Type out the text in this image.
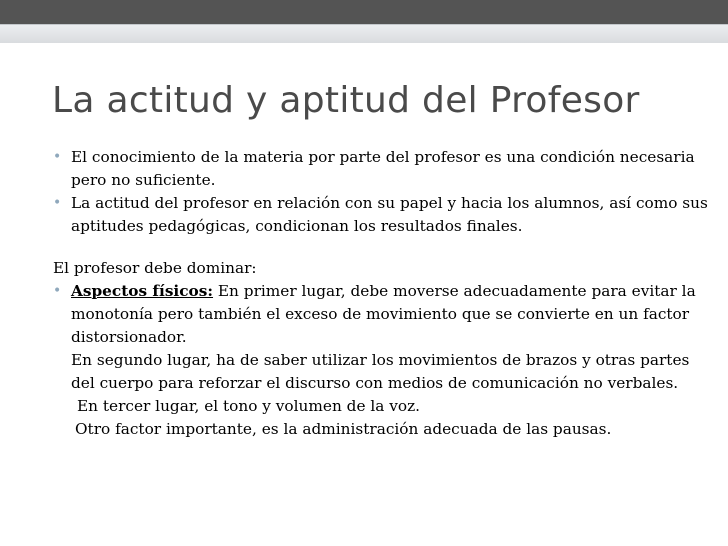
La actitud y aptitud del Profesor
• El conocimiento de la materia por parte del profesor es una condición necesaria pero no suficiente.
• La actitud del profesor en relación con su papel y hacia los alumnos, así como sus aptitudes pedagógicas, condicionan los resultados finales.
El profesor debe dominar:
• Aspectos físicos: En primer lugar, debe moverse adecuadamente para evitar la monotonía pero también el exceso de movimiento que se convierte en un factor distorsionador.
En segundo lugar, ha de saber utilizar los movimientos de brazos y otras partes del cuerpo para reforzar el discurso con medios de comunicación no verbales.
En tercer lugar, el tono y volumen de la voz.
Otro factor importante, es la administración adecuada de las pausas.
